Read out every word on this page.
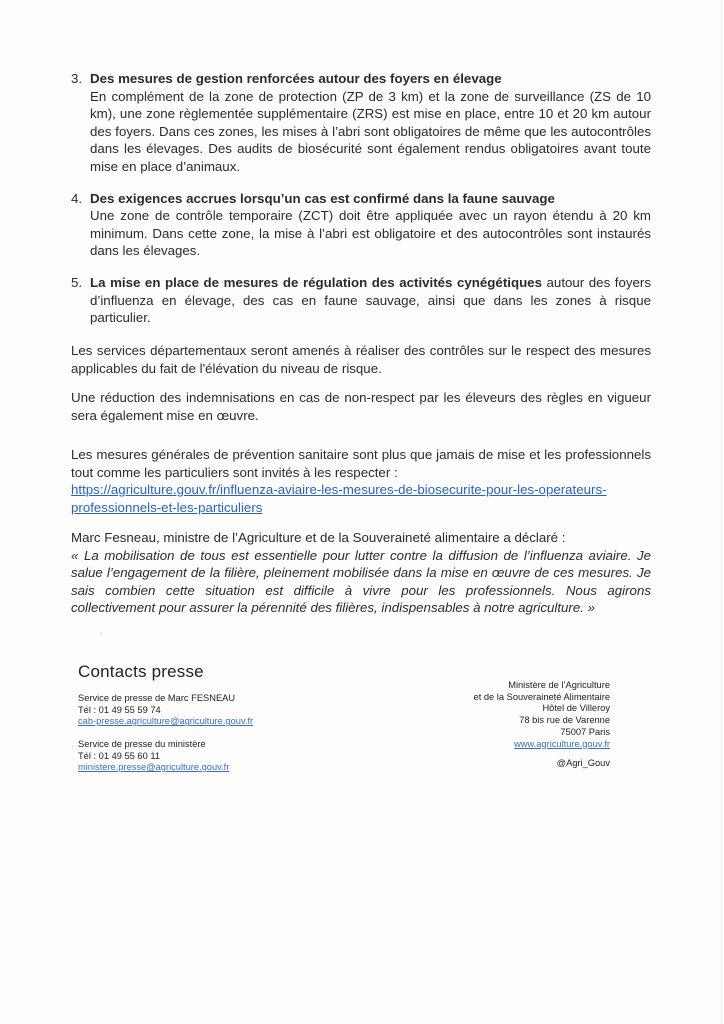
3. Des mesures de gestion renforcées autour des foyers en élevage
En complément de la zone de protection (ZP de 3 km) et la zone de surveillance (ZS de 10 km), une zone règlementée supplémentaire (ZRS) est mise en place, entre 10 et 20 km autour des foyers. Dans ces zones, les mises à l’abri sont obligatoires de même que les autocontrôles dans les élevages. Des audits de biosécurité sont également rendus obligatoires avant toute mise en place d’animaux.
4. Des exigences accrues lorsqu’un cas est confirmé dans la faune sauvage
Une zone de contrôle temporaire (ZCT) doit être appliquée avec un rayon étendu à 20 km minimum. Dans cette zone, la mise à l’abri est obligatoire et des autocontrôles sont instaurés dans les élevages.
5. La mise en place de mesures de régulation des activités cynégétiques autour des foyers d’influenza en élevage, des cas en faune sauvage, ainsi que dans les zones à risque particulier.

Les services départementaux seront amenés à réaliser des contrôles sur le respect des mesures applicables du fait de l'élévation du niveau de risque.

Une réduction des indemnisations en cas de non-respect par les éleveurs des règles en vigueur sera également mise en œuvre.

Les mesures générales de prévention sanitaire sont plus que jamais de mise et les professionnels tout comme les particuliers sont invités à les respecter :
https://agriculture.gouv.fr/influenza-aviaire-les-mesures-de-biosecurite-pour-les-operateurs-professionnels-et-les-particuliers
Marc Fesneau, ministre de l’Agriculture et de la Souveraineté alimentaire a déclaré :
« La mobilisation de tous est essentielle pour lutter contre la diffusion de l’influenza aviaire. Je salue l’engagement de la filière, pleinement mobilisée dans la mise en œuvre de ces mesures. Je sais combien cette situation est difficile à vivre pour les professionnels. Nous agirons collectivement pour assurer la pérennité des filières, indispensables à notre agriculture. »
Contacts presse
Service de presse de Marc FESNEAU
Tél : 01 49 55 59 74
cab-presse.agriculture@agriculture.gouv.fr
Service de presse du ministère
Tél : 01 49 55 60 11
ministere.presse@agriculture.gouv.fr
Ministère de l’Agriculture
et de la Souveraineté Alimentaire
Hôtel de Villeroy
78 bis rue de Varenne
75007 Paris
www.agriculture.gouv.fr
@Agri_Gouv
